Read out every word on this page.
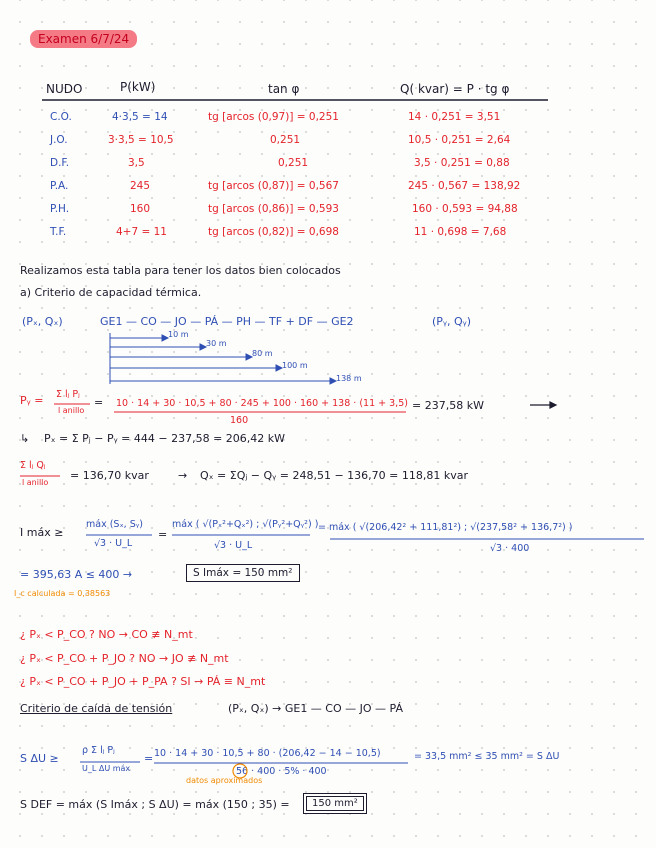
Examen 6/7/24
NUDO	P(kW)	tan φ	Q( kvar) = P · tg φ
C.O.	4·3,5 = 14	tg [arcos (0,97)] = 0,251	14 · 0,251 = 3,51
J.O.	3·3,5 = 10,5	0,251	10,5 · 0,251 = 2,64
D.F.	3,5	0,251	3,5 · 0,251 = 0,88
P.A.	245	tg [arcos (0,87)] = 0,567	245 · 0,567 = 138,92
P.H.	160	tg [arcos (0,86)] = 0,593	160 · 0,593 = 94,88
T.F.	4+7 = 11	tg [arcos (0,82)] = 0,698	11 · 0,698 = 7,68
Realizamos esta tabla para tener los datos bien colocados
a) Criterio de capacidad térmica.
(Pₓ, Qₓ)	GE1 — CO — JO — PÁ — PH — TF + DF — GE2	(Pᵧ, Qᵧ)
10 m
30 m
80 m
100 m
138 m
Pᵧ = Σ lⱼ Pⱼ
l anillo
= 10 · 14 + 30 · 10,5 + 80 · 245 + 100 · 160 + 138 · (11 + 3,5)
160
= 237,58 kW
↳ Pₓ = Σ Pⱼ − Pᵧ = 444 − 237,58 = 206,42 kW
Σ lⱼ Qⱼ
l anillo
= 136,70 kvar	→ Qₓ = ΣQⱼ − Qᵧ = 248,51 − 136,70 = 118,81 kvar
I máx ≥
máx (Sₓ, Sᵧ)
√3 · U_L
=
máx ( √(Pₓ²+Qₓ²) ; √(Pᵧ²+Qᵧ²) )
√3 · U_L
= máx ( √(206,42² + 111,81²) ; √(237,58² + 136,7²) )
√3 · 400
= 395,63 A ≤ 400 →	S Imáx = 150 mm²
I_c calculada = 0,38563
¿ Pₓ < P_CO ? NO → CO ≢ N_mt
¿ Pₓ < P_CO + P_JO ? NO → JO ≢ N_mt
¿ Pₓ < P_CO + P_JO + P_PA ? SI → PÁ ≡ N_mt
Criterio de caída de tensión	(Pₓ, Qₓ) → GE1 — CO — JO — PÁ
S ΔU ≥
ρ Σ lⱼ Pⱼ
U_L ΔU máx
= 10 · 14 + 30 · 10,5 + 80 · (206,42 − 14 − 10,5)
56 · 400 · 5% · 400
= 33,5 mm² ≤ 35 mm² = S ΔU
datos aproximados
S DEF = máx (S Imáx ; S ΔU) = máx (150 ; 35) =	150 mm²
